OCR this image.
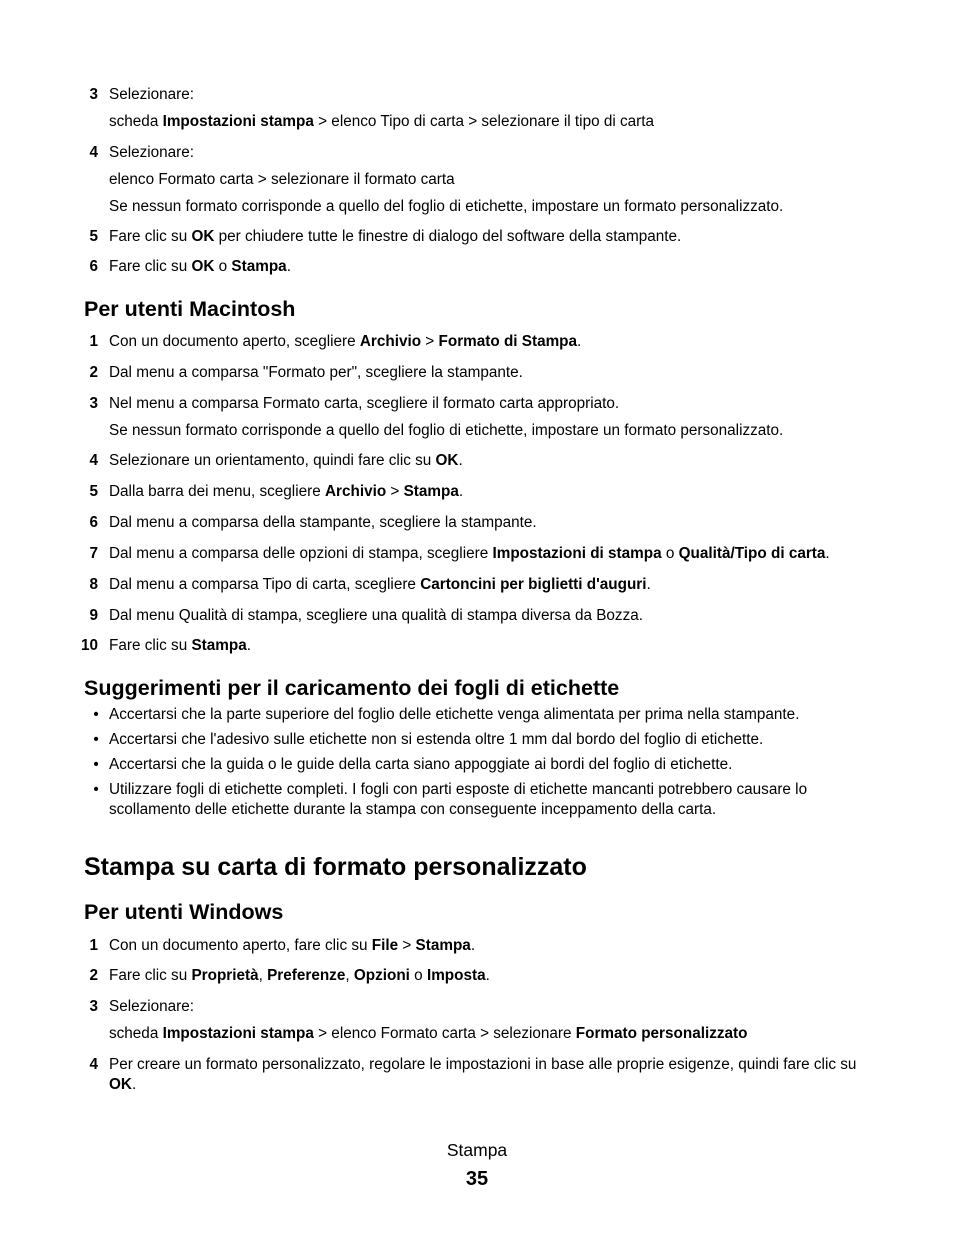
3 Selezionare:
scheda Impostazioni stampa > elenco Tipo di carta > selezionare il tipo di carta
4 Selezionare:
elenco Formato carta > selezionare il formato carta
Se nessun formato corrisponde a quello del foglio di etichette, impostare un formato personalizzato.
5 Fare clic su OK per chiudere tutte le finestre di dialogo del software della stampante.
6 Fare clic su OK o Stampa.
Per utenti Macintosh
1 Con un documento aperto, scegliere Archivio > Formato di Stampa.
2 Dal menu a comparsa "Formato per", scegliere la stampante.
3 Nel menu a comparsa Formato carta, scegliere il formato carta appropriato.
Se nessun formato corrisponde a quello del foglio di etichette, impostare un formato personalizzato.
4 Selezionare un orientamento, quindi fare clic su OK.
5 Dalla barra dei menu, scegliere Archivio > Stampa.
6 Dal menu a comparsa della stampante, scegliere la stampante.
7 Dal menu a comparsa delle opzioni di stampa, scegliere Impostazioni di stampa o Qualità/Tipo di carta.
8 Dal menu a comparsa Tipo di carta, scegliere Cartoncini per biglietti d'auguri.
9 Dal menu Qualità di stampa, scegliere una qualità di stampa diversa da Bozza.
10 Fare clic su Stampa.
Suggerimenti per il caricamento dei fogli di etichette
• Accertarsi che la parte superiore del foglio delle etichette venga alimentata per prima nella stampante.
• Accertarsi che l'adesivo sulle etichette non si estenda oltre 1 mm dal bordo del foglio di etichette.
• Accertarsi che la guida o le guide della carta siano appoggiate ai bordi del foglio di etichette.
• Utilizzare fogli di etichette completi. I fogli con parti esposte di etichette mancanti potrebbero causare lo
scollamento delle etichette durante la stampa con conseguente inceppamento della carta.
Stampa su carta di formato personalizzato
Per utenti Windows
1 Con un documento aperto, fare clic su File > Stampa.
2 Fare clic su Proprietà, Preferenze, Opzioni o Imposta.
3 Selezionare:
scheda Impostazioni stampa > elenco Formato carta > selezionare Formato personalizzato
4 Per creare un formato personalizzato, regolare le impostazioni in base alle proprie esigenze, quindi fare clic su
OK.
Stampa
35
